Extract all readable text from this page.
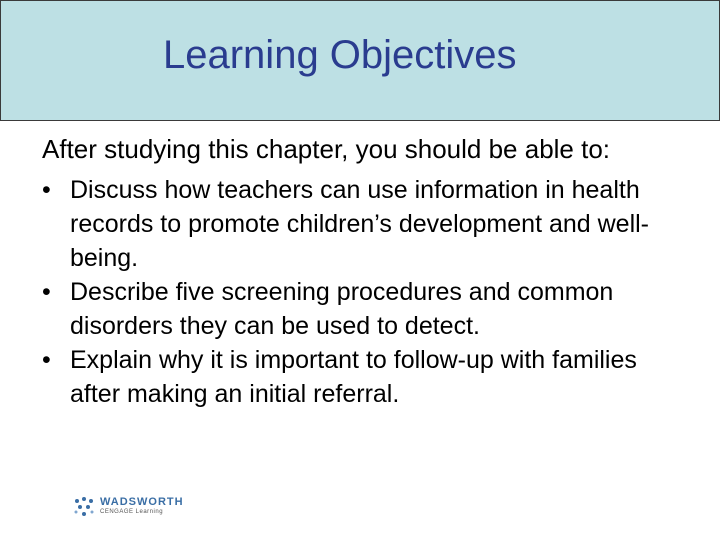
Learning Objectives

After studying this chapter, you should be able to:

• Discuss how teachers can use information in health records to promote children’s development and well-being.
• Describe five screening procedures and common disorders they can be used to detect.
• Explain why it is important to follow-up with families after making an initial referral.
WADSWORTH
CENGAGE Learning
